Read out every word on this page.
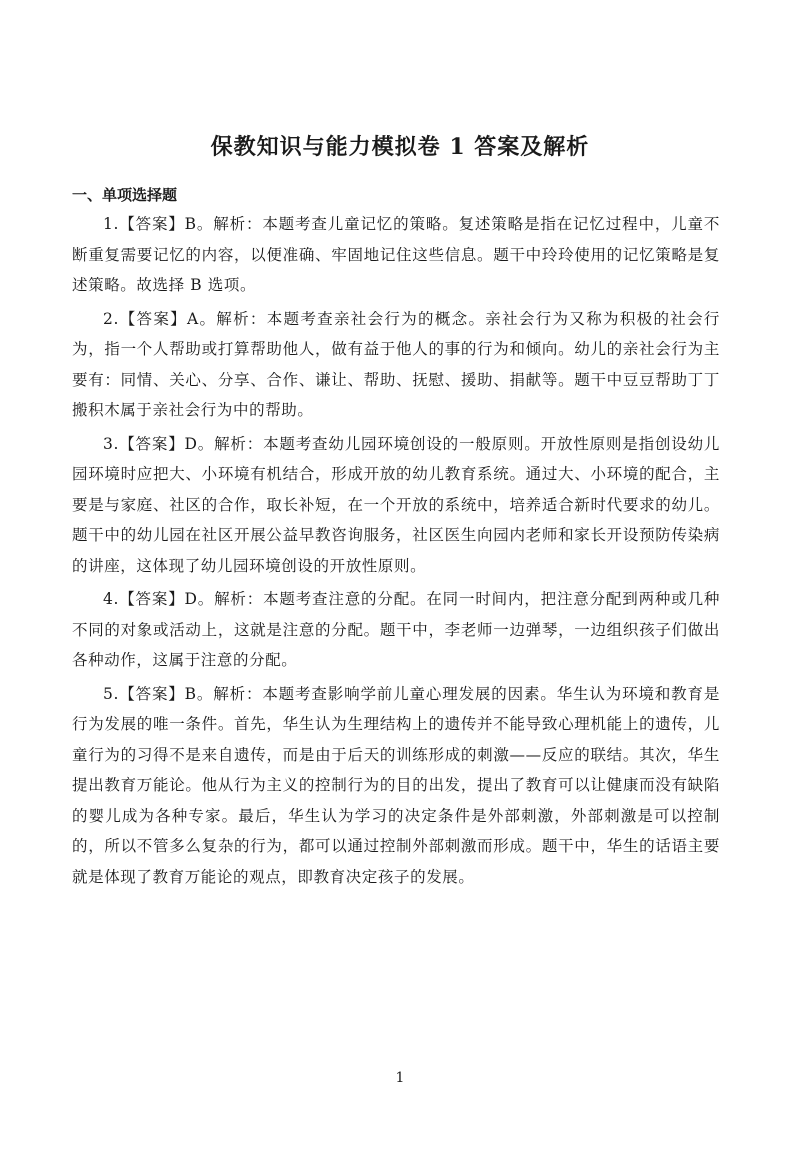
保教知识与能力模拟卷 1 答案及解析
一、单项选择题

1.【答案】B。解析：本题考查儿童记忆的策略。复述策略是指在记忆过程中，儿童不断重复需要记忆的内容，以便准确、牢固地记住这些信息。题干中玲玲使用的记忆策略是复述策略。故选择 B 选项。

2.【答案】A。解析：本题考查亲社会行为的概念。亲社会行为又称为积极的社会行为，指一个人帮助或打算帮助他人，做有益于他人的事的行为和倾向。幼儿的亲社会行为主要有：同情、关心、分享、合作、谦让、帮助、抚慰、援助、捐献等。题干中豆豆帮助丁丁搬积木属于亲社会行为中的帮助。

3.【答案】D。解析：本题考查幼儿园环境创设的一般原则。开放性原则是指创设幼儿园环境时应把大、小环境有机结合，形成开放的幼儿教育系统。通过大、小环境的配合，主要是与家庭、社区的合作，取长补短，在一个开放的系统中，培养适合新时代要求的幼儿。题干中的幼儿园在社区开展公益早教咨询服务，社区医生向园内老师和家长开设预防传染病的讲座，这体现了幼儿园环境创设的开放性原则。

4.【答案】D。解析：本题考查注意的分配。在同一时间内，把注意分配到两种或几种不同的对象或活动上，这就是注意的分配。题干中，李老师一边弹琴，一边组织孩子们做出各种动作，这属于注意的分配。

5.【答案】B。解析：本题考查影响学前儿童心理发展的因素。华生认为环境和教育是行为发展的唯一条件。首先，华生认为生理结构上的遗传并不能导致心理机能上的遗传，儿童行为的习得不是来自遗传，而是由于后天的训练形成的刺激——反应的联结。其次，华生提出教育万能论。他从行为主义的控制行为的目的出发，提出了教育可以让健康而没有缺陷的婴儿成为各种专家。最后，华生认为学习的决定条件是外部刺激，外部刺激是可以控制的，所以不管多么复杂的行为，都可以通过控制外部刺激而形成。题干中，华生的话语主要就是体现了教育万能论的观点，即教育决定孩子的发展。

1
